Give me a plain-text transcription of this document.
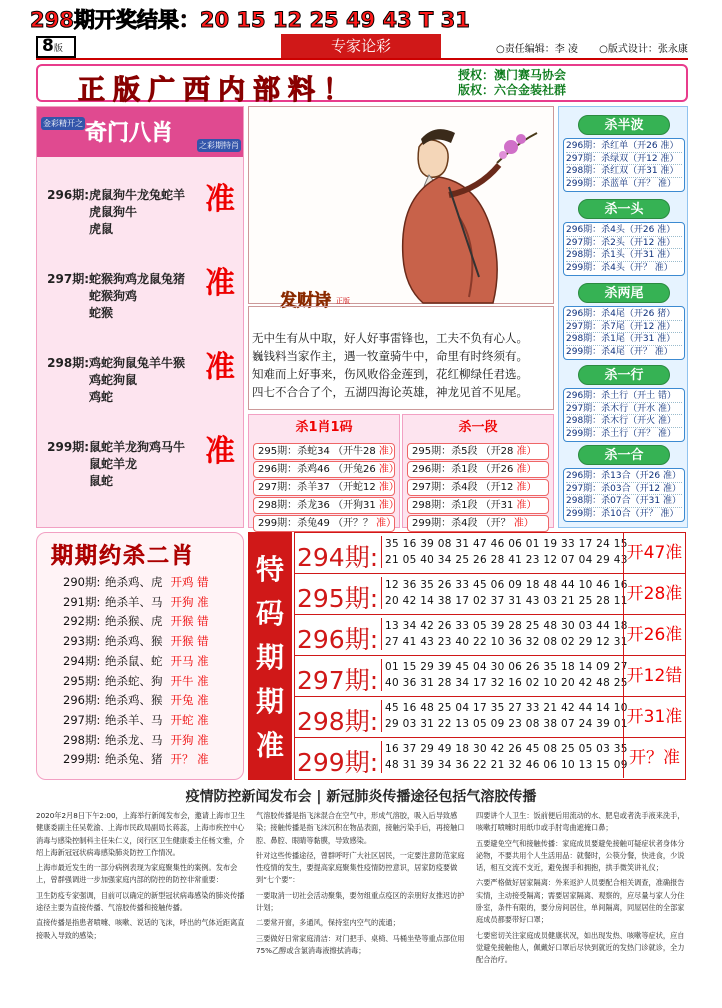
298期开奖结果：20 15 12 25 49 43 T 31
8版	专家论彩	○责任编辑：李 凌 ○版式设计：张永康
正版广西内部料！	授权：澳门赛马协会
版权：六合金装社群
金彩精开之 奇门八肖	之彩期特肖
296期:虎鼠狗牛龙兔蛇羊
虎鼠狗牛
虎鼠
准
297期:蛇猴狗鸡龙鼠兔猪
蛇猴狗鸡
蛇猴
准
298期:鸡蛇狗鼠兔羊牛猴
鸡蛇狗鼠
鸡蛇
准
299期:鼠蛇羊龙狗鸡马牛
鼠蛇羊龙
鼠蛇
准
发财诗 正版
无中生有从中取，好人好事雷锋也，工夫不负有心人。
巍钱料当家作主，遇一牧童骑牛中，命里有时终须有。
知难而上好事来，伤风败俗金莲到，花红柳绿任君选。
四七不合合了个，五湖四海论英雄，神龙见首不见尾。
杀1肖1码
295期：杀蛇34 （开牛28 准）
296期：杀鸡46 （开兔26 准）
297期：杀羊37 （开蛇12 准）
298期：杀龙36 （开狗31 准）
299期：杀兔49 （开？？ 准）
杀一段
295期：杀5段 （开28 准）
296期：杀1段 （开26 准）
297期：杀4段 （开12 准）
298期：杀1段 （开31 准）
299期：杀4段 （开？ 准）
杀半波
296期：杀红单（开26 准）
297期：杀绿双（开12 准）
298期：杀红双（开31 准）
299期：杀蓝单（开？ 准）
杀一头
296期：杀4头（开26 准）
297期：杀2头（开12 准）
298期：杀1头（开31 准）
299期：杀4头（开？ 准）
杀两尾
296期：杀4尾（开26 猪）
297期：杀7尾（开12 准）
298期：杀1尾（开31 准）
299期：杀4尾（开？ 准）
杀一行
296期：杀土行（开土 错）
297期：杀木行（开水 准）
298期：杀木行（开火 准）
299期：杀土行（开？ 准）
杀一合
296期：杀13合（开26 准）
297期：杀03合（开12 准）
298期：杀07合（开31 准）
299期：杀10合（开？ 准）
期期约杀二肖
290期: 绝杀鸡、虎 开鸡 错
291期: 绝杀羊、马 开狗 准
292期: 绝杀猴、虎 开猴 错
293期: 绝杀鸡、猴 开猴 错
294期: 绝杀鼠、蛇 开马 准
295期: 绝杀蛇、狗 开牛 准
296期: 绝杀鸡、猴 开兔 准
297期: 绝杀羊、马 开蛇 准
298期: 绝杀龙、马 开狗 准
299期: 绝杀兔、猪 开？ 准
特
码
期
期
准
294期: 35 16 39 08 31 47 46 06 01 19 33 17 24 15
21 05 40 34 25 26 28 41 23 12 07 04 29 43
开47准
295期: 12 36 35 26 33 45 06 09 18 48 44 10 46 16
20 42 14 38 17 02 37 31 43 03 21 25 28 11
开28准
296期: 13 34 42 26 33 05 39 28 25 48 30 03 44 18
27 41 43 23 40 22 10 36 32 08 02 29 12 31
开26准
297期: 01 15 29 39 45 04 30 06 26 35 18 14 09 27
40 36 31 28 34 17 32 16 02 10 20 42 48 25
开12错
298期: 45 16 48 25 04 17 35 27 33 21 42 44 14 10
29 03 31 22 13 05 09 23 08 38 07 24 39 01
开31准
299期: 16 37 29 49 18 30 42 26 45 08 25 05 03 35
48 31 39 34 36 22 21 32 46 06 10 13 15 09 开？准
疫情防控新闻发布会 | 新冠肺炎传播途径包括气溶胶传播

2020年2月8日下午2:00，上海举行新闻发布会，邀请上海市卫生健康委副主任吴乾渝、上海市民政局副局长蒋蕊，上海市疾控中心消毒与感染控制科主任朱仁义，闵行区卫生健康委主任杨文雅，介绍上海新冠冠状病毒感染肺炎防控工作情况。

上海市最近发生的一部分病例表现为家庭聚集性的案例。发布会上，曾群强调进一步加强家庭内部的防控的防控非常重要：

卫生防疫专家强调，目前可以确定的新型冠状病毒感染的肺炎传播途径主要为直接传播、气溶胶传播和接触传播。

直接传播是指患者喷嚏、咳嗽、说话的飞沫，呼出的气体近距离直接吸入导致的感染；

气溶胶传播是指飞沫混合在空气中，形成气溶胶，吸入后导致感染；接触传播是指飞沫沉积在物品表面，接触污染手后，再接触口腔、鼻腔、眼睛等黏膜，导致感染。

针对这些传播途径，曾群呼吁广大社区居民，一定要注意防范家庭性疫情的发生，要提高家庭聚集性疫情防控意识，居家防疫要做到“七个要”：

一要取消一切社会活动聚集，要勿组重点疫区的亲朋好友推迟访护计划；

二要常开窗，多通风，保持室内空气的流通；

三要做好日常家庭清洁：对门把手、桌椅、马桶坐垫等重点部位用75%乙醇或含氯消毒液擦拭消毒；

四要讲个人卫生：饭前便后用流动的水、肥皂或者洗手液来洗手，咳嗽打喷嚏时用纸巾或手肘弯曲遮掩口鼻；

五要避免空气和接触传播：家庭成员要避免接触可疑症状者身体分泌物，不要共用个人生活用品：就餐时，公筷分餐，快进食，少说话，相互交流不支近，避免握手和拥抱，拱手微笑讲礼仪；

六要严格做好居家隔离：外来返沪人员要配合相关调查，准确报告实情，主动接受隔离；需要居家隔离、观察的，应尽量与家人分住卧室，条件有限的，要分房间居住，单间隔离，同屋居住的全部家庭成员都要带好口罩；

七要密切关注家庭成员健康状况，如出现发热、咳嗽等症状，应自觉避免接触他人，佩戴好口罩后尽快到就近的发热门诊就诊，全力配合治疗。
